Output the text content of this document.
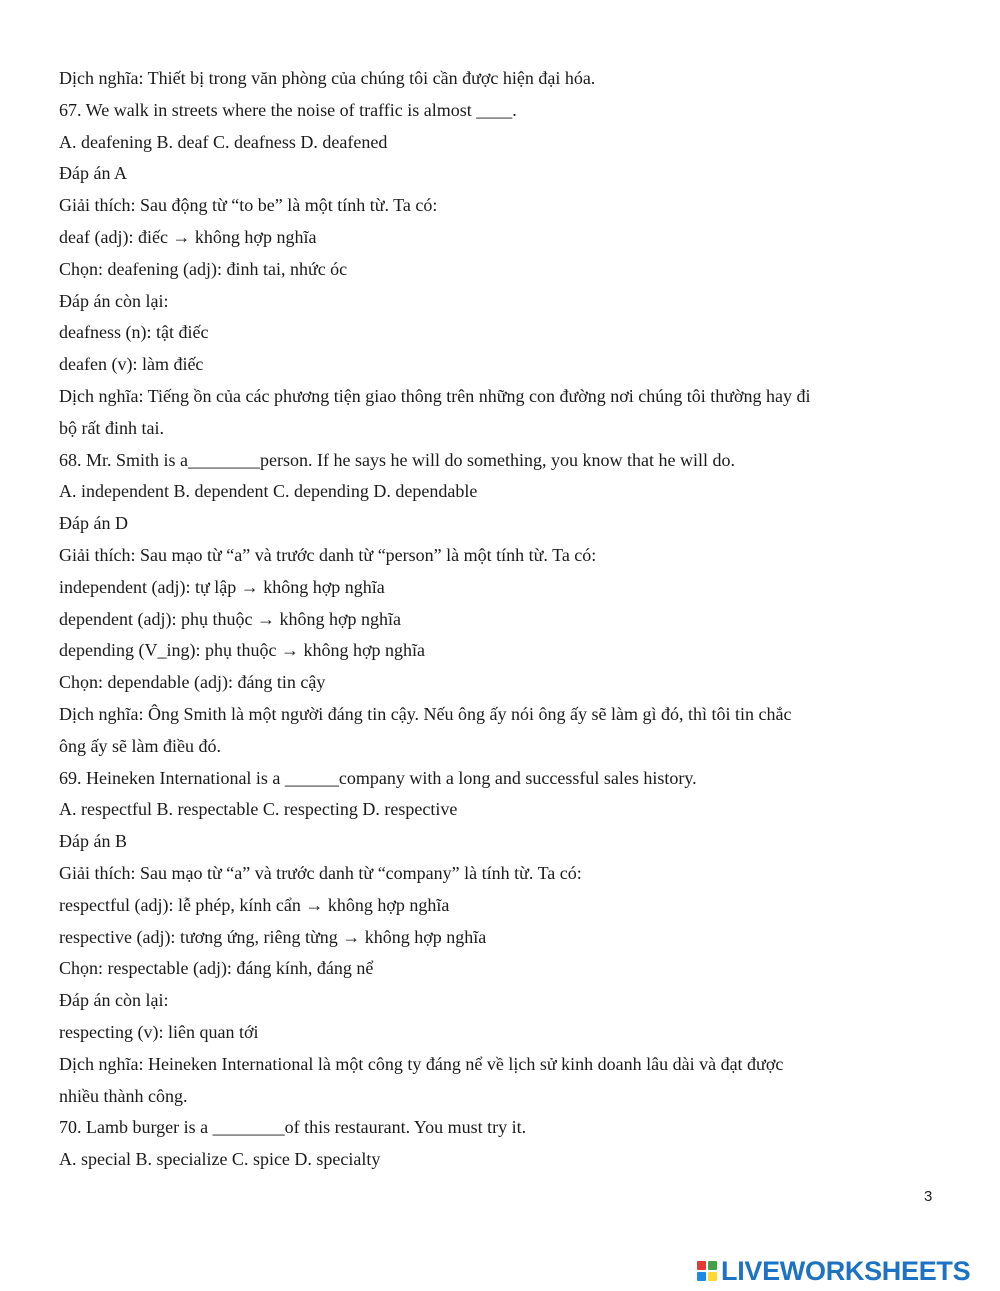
Dịch nghĩa: Thiết bị trong văn phòng của chúng tôi cần được hiện đại hóa.

67. We walk in streets where the noise of traffic is almost ____.

A. deafening B. deaf C. deafness D. deafened

Đáp án A

Giải thích: Sau động từ “to be” là một tính từ. Ta có:

deaf (adj): điếc → không hợp nghĩa

Chọn: deafening (adj): đinh tai, nhức óc

Đáp án còn lại:

deafness (n): tật điếc

deafen (v): làm điếc

Dịch nghĩa: Tiếng ồn của các phương tiện giao thông trên những con đường nơi chúng tôi thường hay đi

bộ rất đinh tai.

68. Mr. Smith is a________person. If he says he will do something, you know that he will do.

A. independent B. dependent C. depending D. dependable

Đáp án D

Giải thích: Sau mạo từ “a” và trước danh từ “person” là một tính từ. Ta có:

independent (adj): tự lập → không hợp nghĩa

dependent (adj): phụ thuộc → không hợp nghĩa

depending (V_ing): phụ thuộc → không hợp nghĩa

Chọn: dependable (adj): đáng tin cậy

Dịch nghĩa: Ông Smith là một người đáng tin cậy. Nếu ông ấy nói ông ấy sẽ làm gì đó, thì tôi tin chắc

ông ấy sẽ làm điều đó.

69. Heineken International is a ______company with a long and successful sales history.

A. respectful B. respectable C. respecting D. respective

Đáp án B

Giải thích: Sau mạo từ “a” và trước danh từ “company” là tính từ. Ta có:

respectful (adj): lễ phép, kính cẩn → không hợp nghĩa

respective (adj): tương ứng, riêng từng → không hợp nghĩa

Chọn: respectable (adj): đáng kính, đáng nể

Đáp án còn lại:

respecting (v): liên quan tới

Dịch nghĩa: Heineken International là một công ty đáng nể về lịch sử kinh doanh lâu dài và đạt được

nhiều thành công.

70. Lamb burger is a ________of this restaurant. You must try it.

A. special B. specialize C. spice D. specialty

3
LIVEWORKSHEETS
